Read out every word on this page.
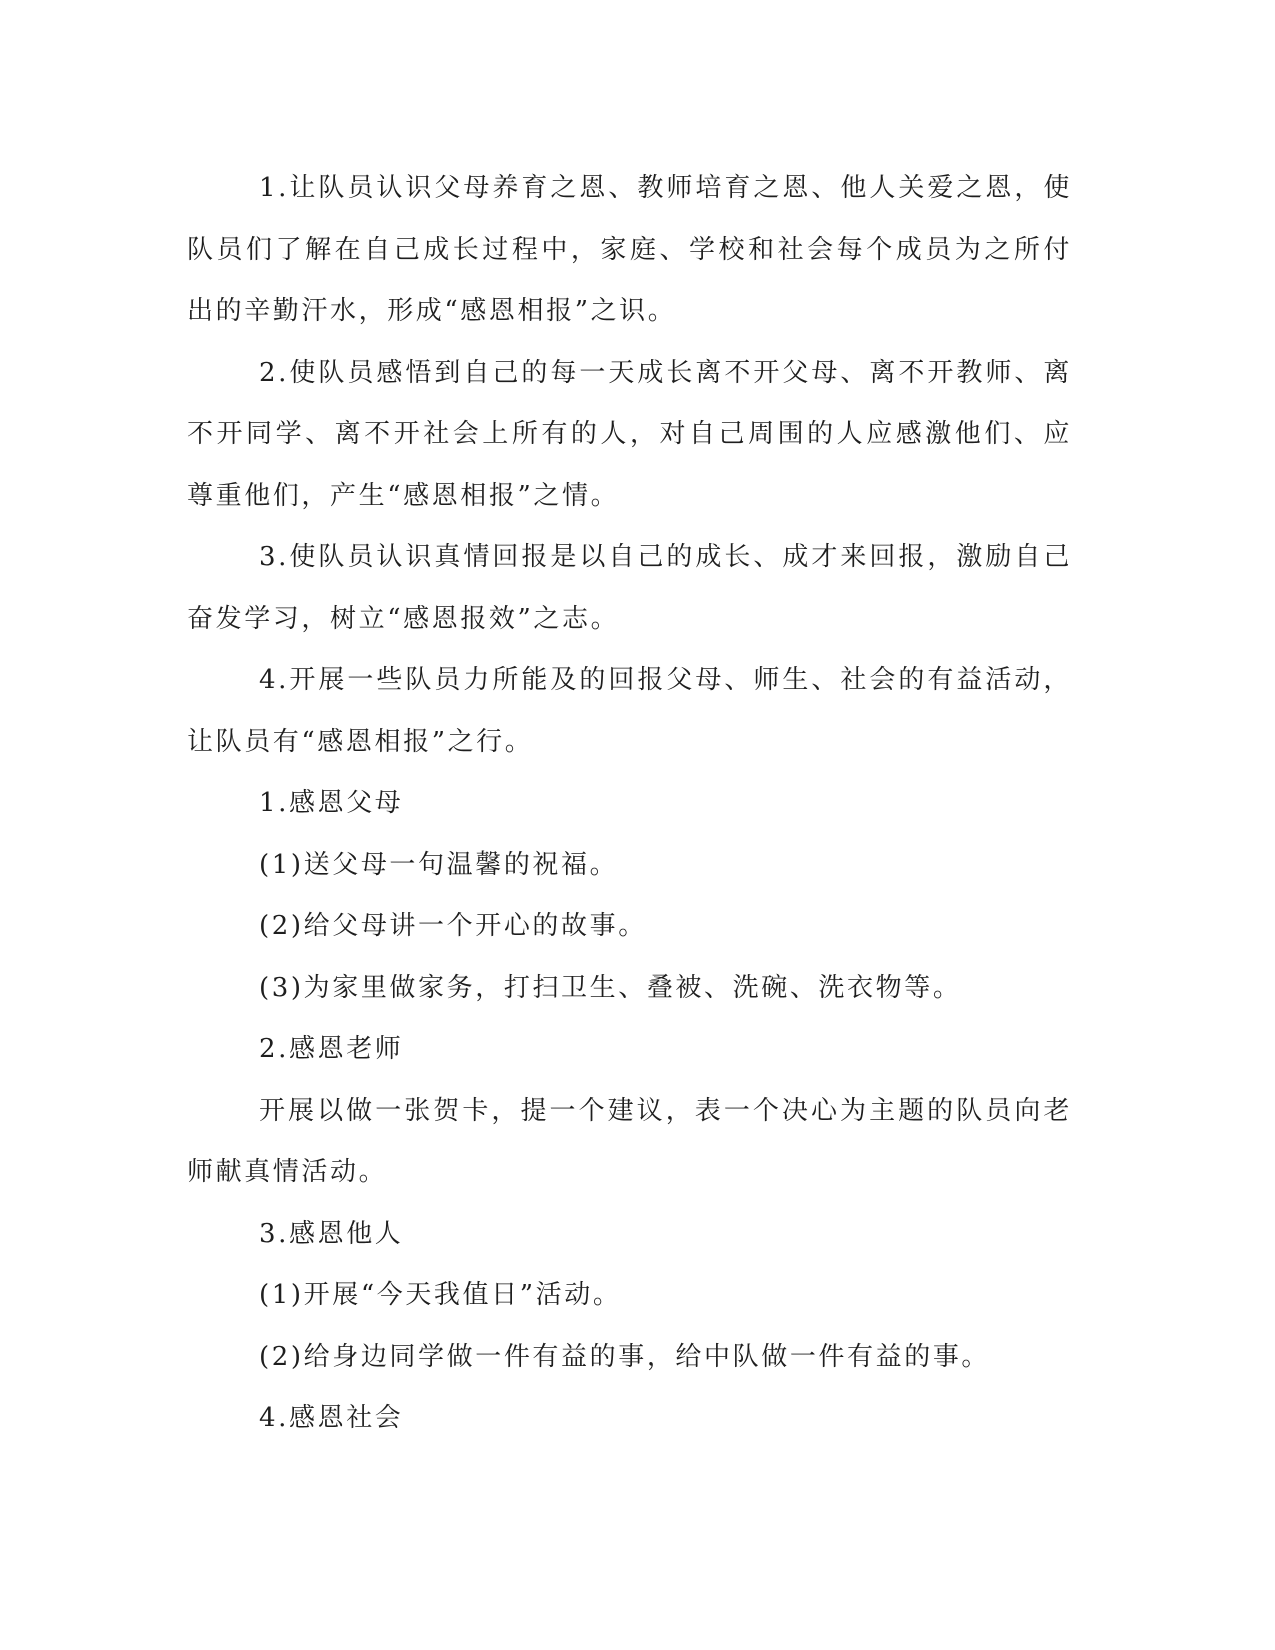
1.让队员认识父母养育之恩、教师培育之恩、他人关爱之恩，使队员们了解在自己成长过程中，家庭、学校和社会每个成员为之所付出的辛勤汗水，形成“感恩相报”之识。

2.使队员感悟到自己的每一天成长离不开父母、离不开教师、离不开同学、离不开社会上所有的人，对自己周围的人应感激他们、应尊重他们，产生“感恩相报”之情。

3.使队员认识真情回报是以自己的成长、成才来回报，激励自己奋发学习，树立“感恩报效”之志。

4.开展一些队员力所能及的回报父母、师生、社会的有益活动，让队员有“感恩相报”之行。

1.感恩父母

(1)送父母一句温馨的祝福。

(2)给父母讲一个开心的故事。

(3)为家里做家务，打扫卫生、叠被、洗碗、洗衣物等。

2.感恩老师

开展以做一张贺卡，提一个建议，表一个决心为主题的队员向老师献真情活动。

3.感恩他人

(1)开展“今天我值日”活动。

(2)给身边同学做一件有益的事，给中队做一件有益的事。

4.感恩社会
